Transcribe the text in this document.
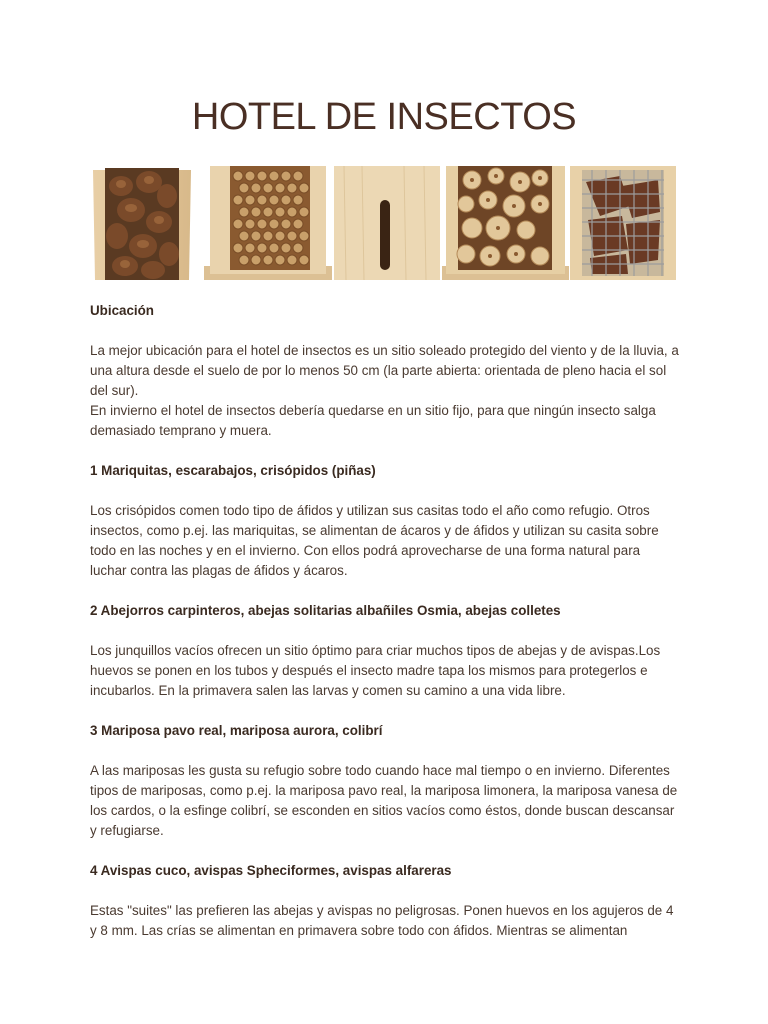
HOTEL DE INSECTOS

Ubicación

La mejor ubicación para el hotel de insectos es un sitio soleado protegido del viento y de la lluvia, a una altura desde el suelo de por lo menos 50 cm (la parte abierta: orientada de pleno hacia el sol del sur).

En invierno el hotel de insectos debería quedarse en un sitio fijo, para que ningún insecto salga demasiado temprano y muera.

1 Mariquitas, escarabajos, crisópidos (piñas)

Los crisópidos comen todo tipo de áfidos y utilizan sus casitas todo el año como refugio. Otros insectos, como p.ej. las mariquitas, se alimentan de ácaros y de áfidos y utilizan su casita sobre todo en las noches y en el invierno. Con ellos podrá aprovecharse de una forma natural para luchar contra las plagas de áfidos y ácaros.

2 Abejorros carpinteros, abejas solitarias albañiles Osmia, abejas colletes

Los junquillos vacíos ofrecen un sitio óptimo para criar muchos tipos de abejas y de avispas.Los huevos se ponen en los tubos y después el insecto madre tapa los mismos para protegerlos e incubarlos. En la primavera salen las larvas y comen su camino a una vida libre.

3 Mariposa pavo real, mariposa aurora, colibrí

A las mariposas les gusta su refugio sobre todo cuando hace mal tiempo o en invierno. Diferentes tipos de mariposas, como p.ej. la mariposa pavo real, la mariposa limonera, la mariposa vanesa de los cardos, o la esfinge colibrí, se esconden en sitios vacíos como éstos, donde buscan descansar y refugiarse.

4 Avispas cuco, avispas Spheciformes, avispas alfareras

Estas "suites" las prefieren las abejas y avispas no peligrosas. Ponen huevos en los agujeros de 4 y 8 mm. Las crías se alimentan en primavera sobre todo con áfidos. Mientras se alimentan
